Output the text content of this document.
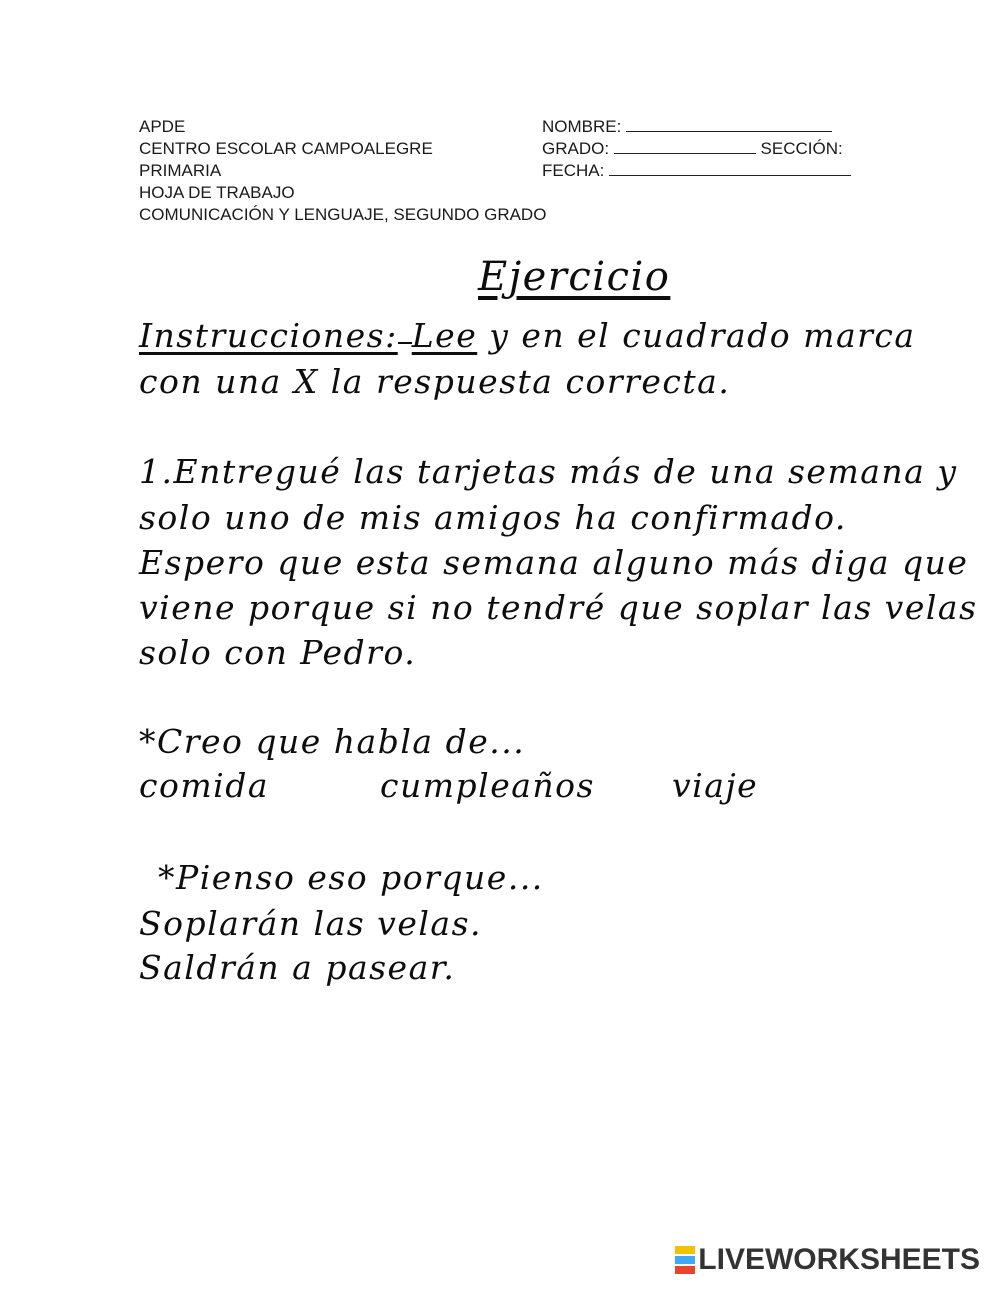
APDE
CENTRO ESCOLAR CAMPOALEGRE
PRIMARIA
HOJA DE TRABAJO
COMUNICACIÓN Y LENGUAJE, SEGUNDO GRADO
NOMBRE:
GRADO:	SECCIÓN:
FECHA:
Ejercicio
Instrucciones: Lee y en el cuadrado marca
con una X la respuesta correcta.
1.Entregué las tarjetas más de una semana y
solo uno de mis amigos ha confirmado.
Espero que esta semana alguno más diga que
viene porque si no tendré que soplar las velas
solo con Pedro.
*Creo que habla de...
comida	cumpleaños viaje
*Pienso eso porque...
Soplarán las velas.
Saldrán a pasear.
LIVEWORKSHEETS
